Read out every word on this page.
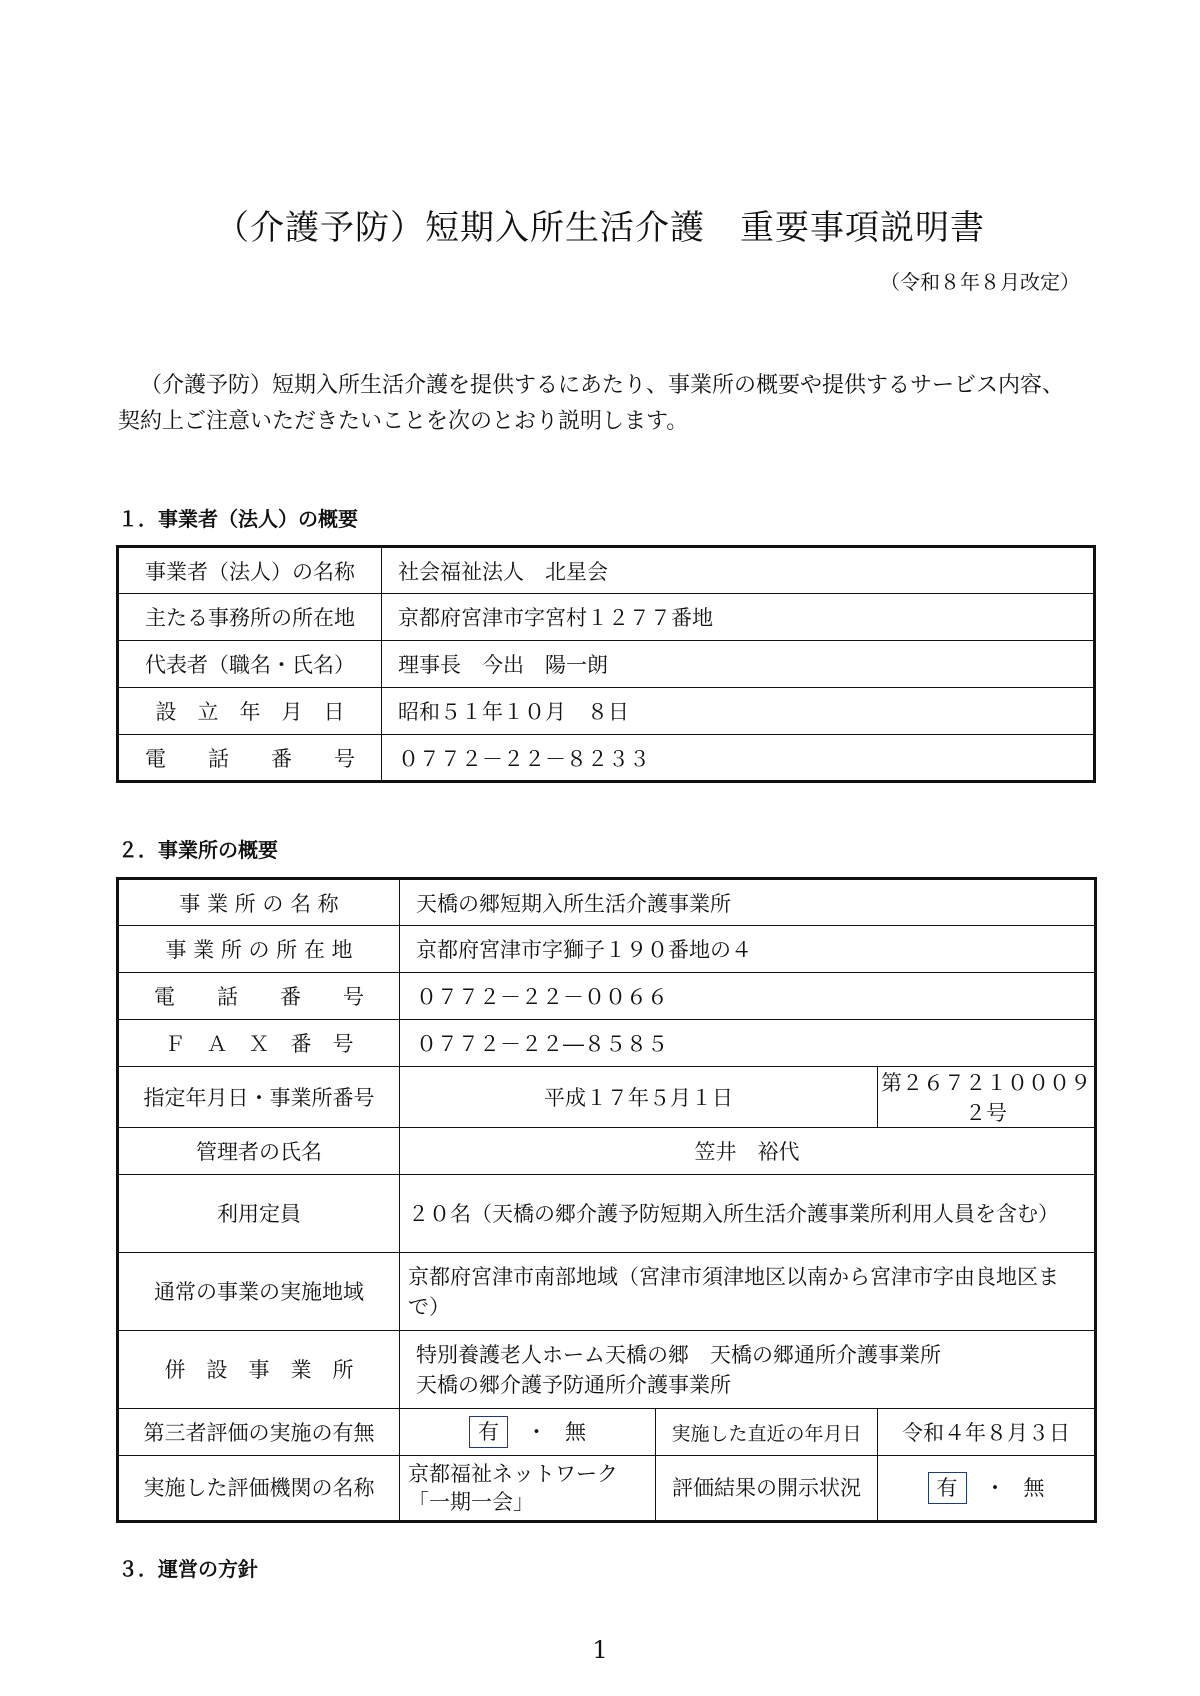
（介護予防）短期入所生活介護　重要事項説明書
（令和８年８月改定）

（介護予防）短期入所生活介護を提供するにあたり、事業所の概要や提供するサービス内容、契約上ご注意いただきたいことを次のとおり説明します。

１．事業者（法人）の概要
事業者（法人）の名称	社会福祉法人　北星会
主たる事務所の所在地	京都府宮津市字宮村１２７７番地
代表者（職名・氏名）	理事長　今出　陽一朗
設　立　年　月　日	昭和５１年１０月　８日
電　　話　　番　　号	０７７２－２２－８２３３
２．事業所の概要
事 業 所 の 名 称	天橋の郷短期入所生活介護事業所		
事 業 所 の 所 在 地	京都府宮津市字獅子１９０番地の４		
電　　話　　番　　号	０７７２－２２－００６６		
Ｆ　Ａ　Ｘ　番　号	０７７２－２２―８５８５		
指定年月日・事業所番号	平成１７年５月１日		第２６７２１０００９２号
管理者の氏名	笠井　裕代		
利用定員	２０名（天橋の郷介護予防短期入所生活介護事業所利用人員を含む）		
通常の事業の実施地域	京都府宮津市南部地域（宮津市須津地区以南から宮津市字由良地区まで）		
併　設　事　業　所	特別養護老人ホーム天橋の郷　天橋の郷通所介護事業所
天橋の郷介護予防通所介護事業所		

第三者評価の実施の有無	有 ・ 無	実施した直近の年月日	令和４年８月３日
実施した評価機関の名称	京都福祉ネットワーク「一期一会」	評価結果の開示状況	有 ・ 無
３．運営の方針
1
